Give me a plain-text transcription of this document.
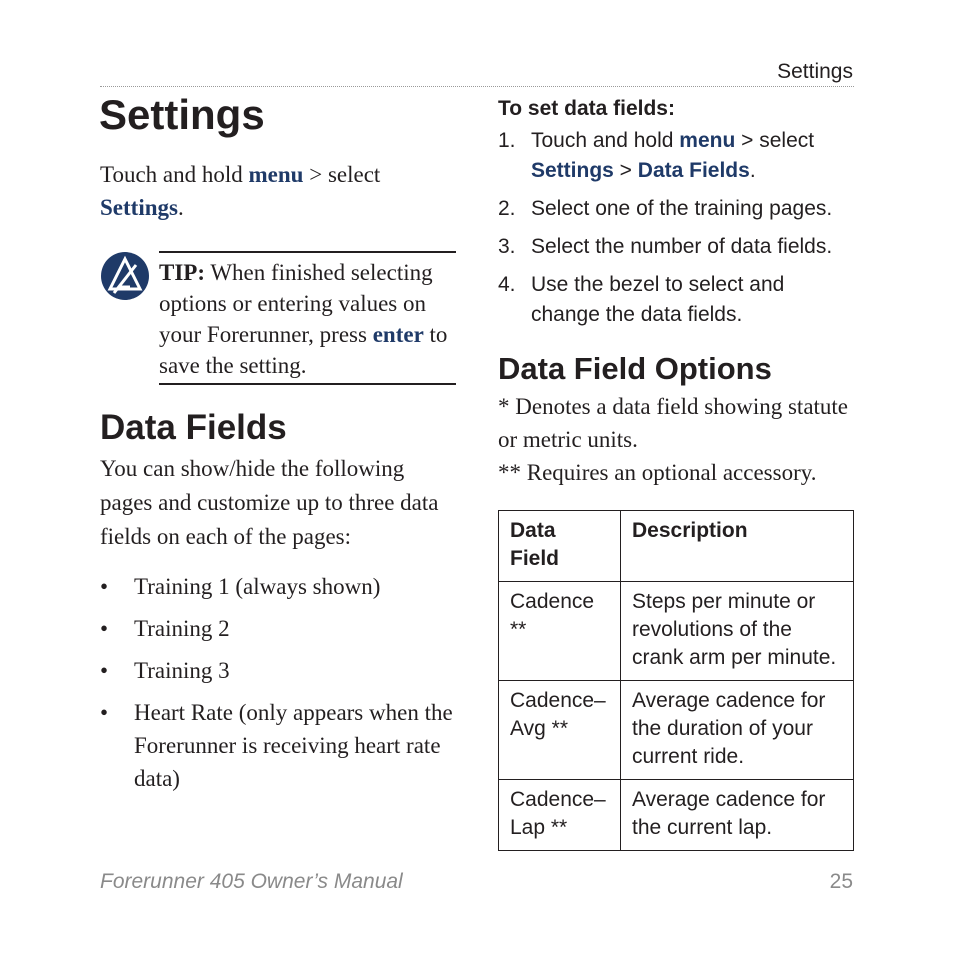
Settings
Settings

Touch and hold menu > select Settings.

TIP: When finished selecting options or entering values on your Forerunner, press enter to save the setting.

Data Fields

You can show/hide the following pages and customize up to three data fields on each of the pages:

• Training 1 (always shown)
• Training 2
• Training 3
• Heart Rate (only appears when the Forerunner is receiving heart rate data)
To set data fields:
1. Touch and hold menu > select Settings > Data Fields.
2. Select one of the training pages.
3. Select the number of data fields.
4. Use the bezel to select and change the data fields.
Data Field Options

* Denotes a data field showing statute or metric units.

** Requires an optional accessory.

Data Field	Description
Cadence **	Steps per minute or revolutions of the crank arm per minute.
Cadence–Avg **	Average cadence for the duration of your current ride.
Cadence–Lap **	Average cadence for the current lap.
Forerunner 405 Owner’s Manual	25
